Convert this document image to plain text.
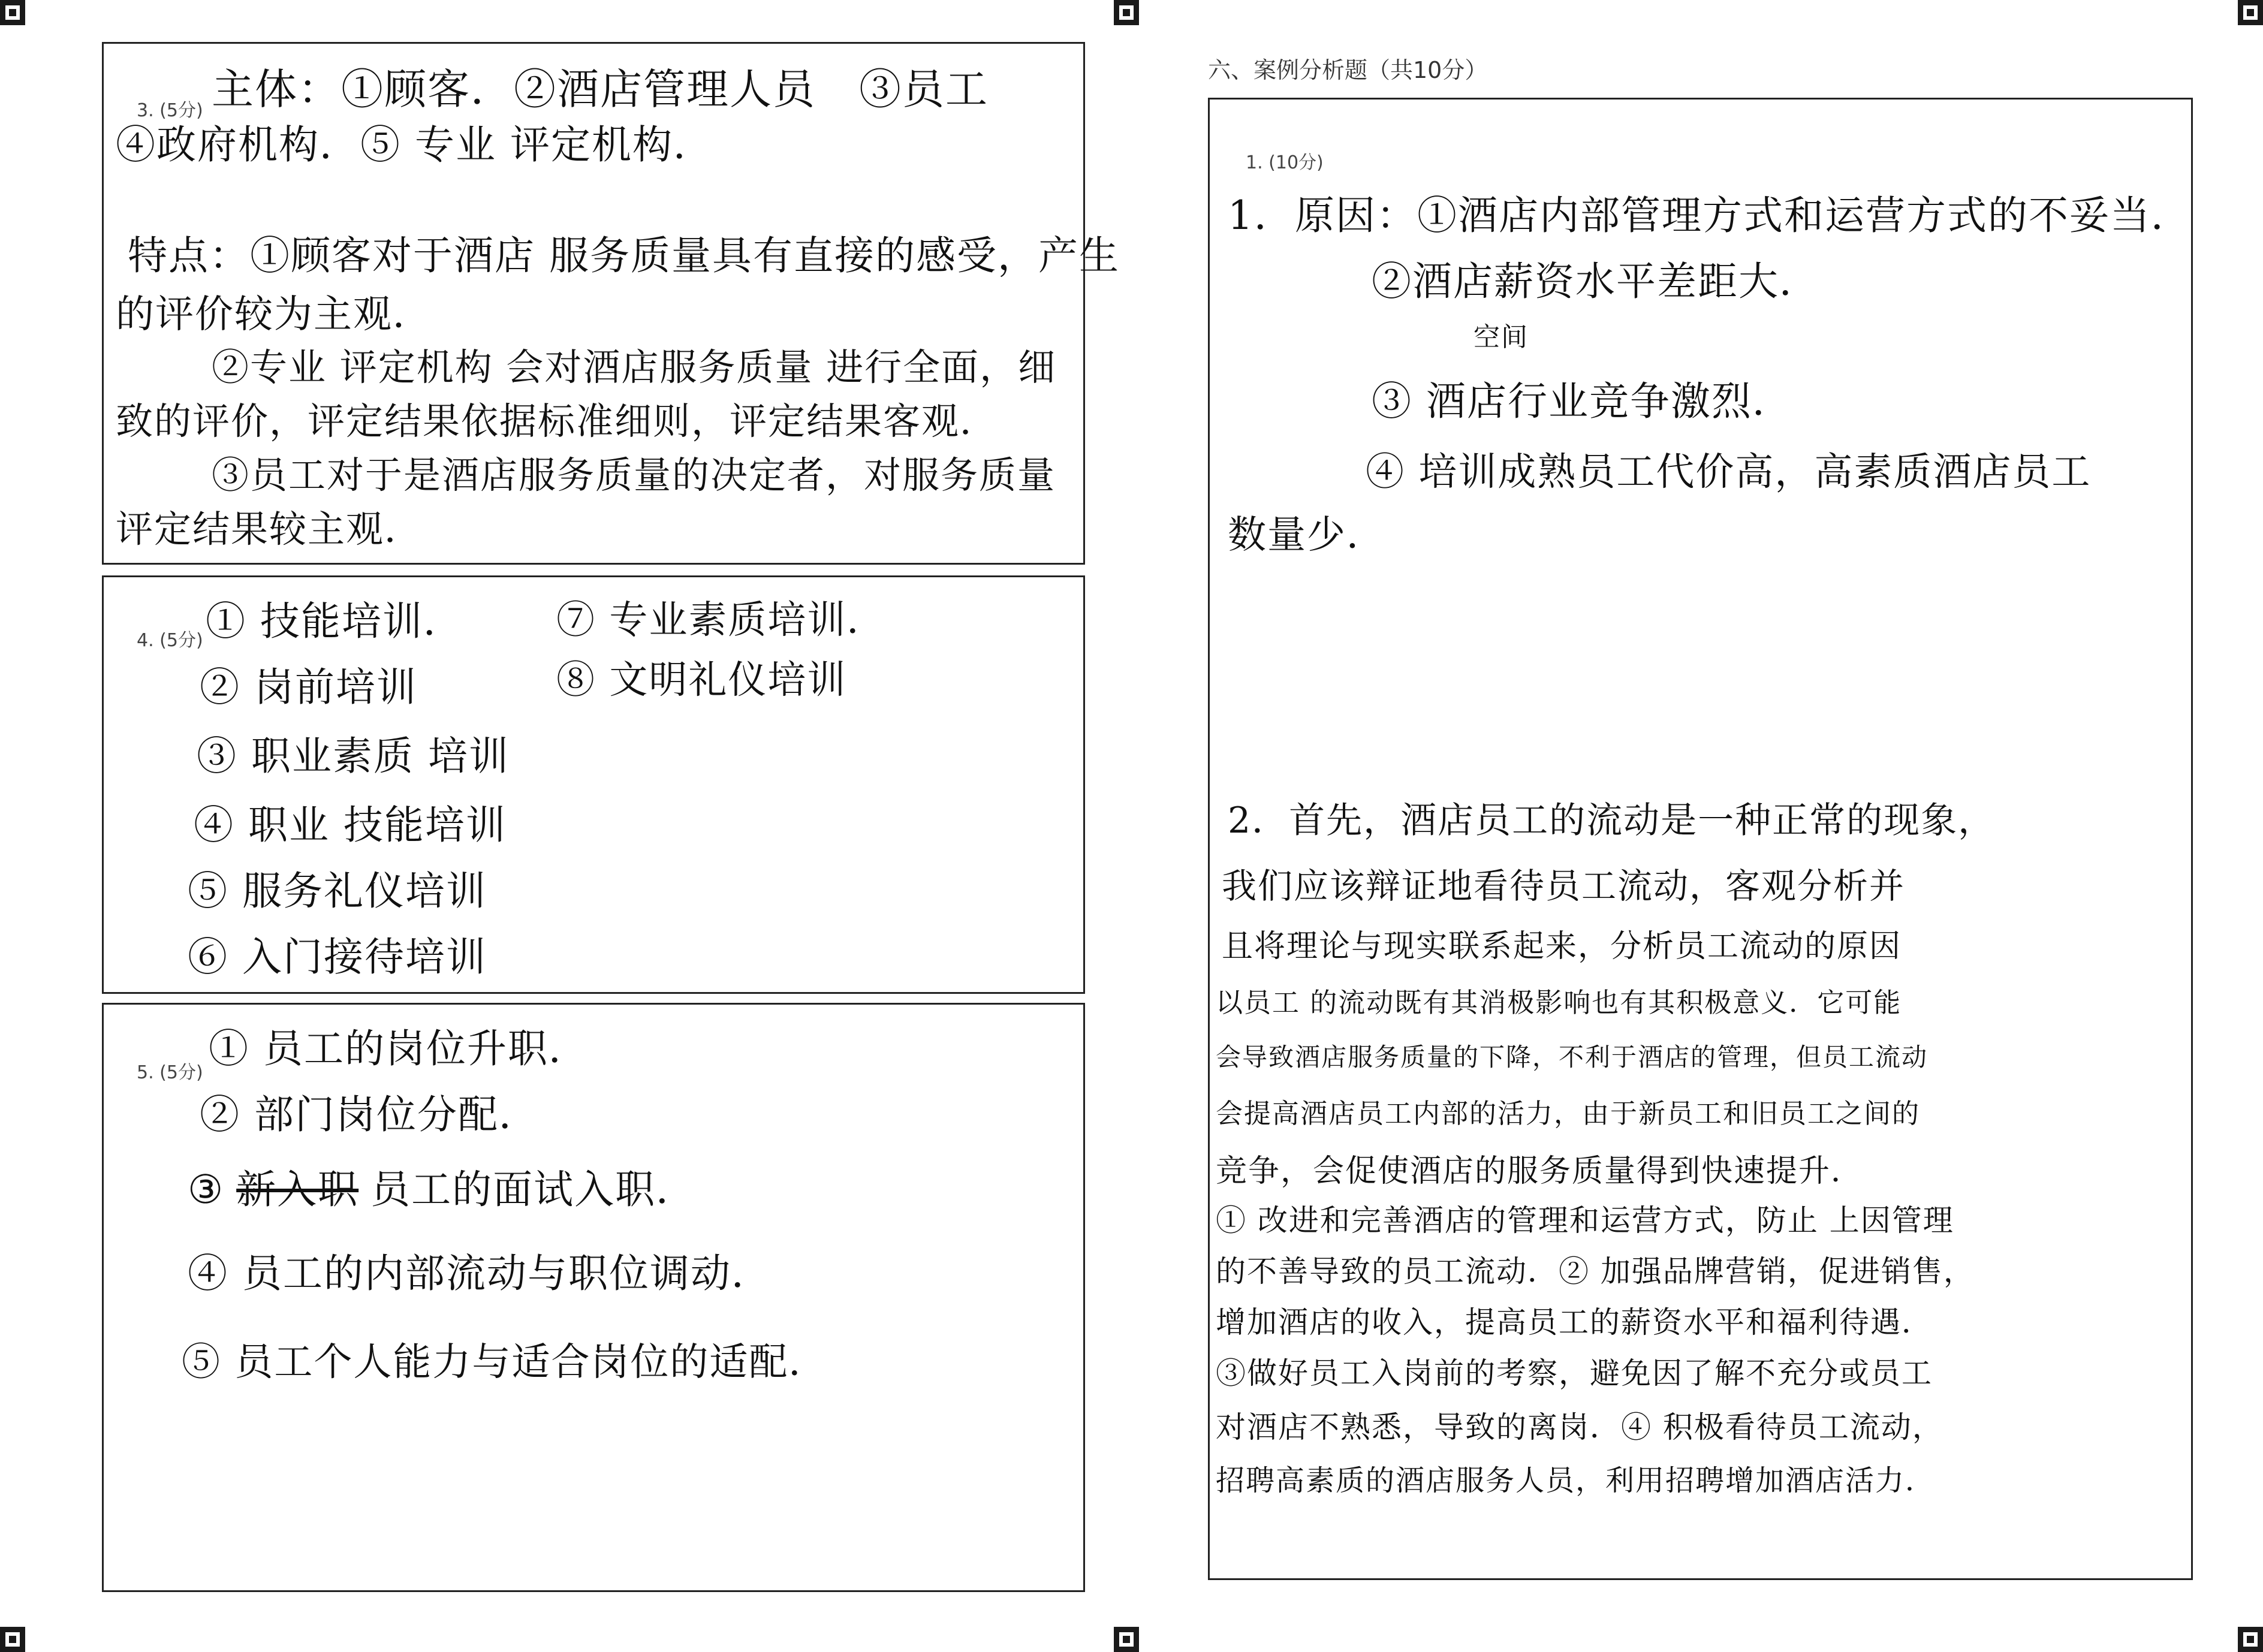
3. (5分) 主体：①顾客．②酒店管理人员　③员工
④政府机构．⑤ 专业 评定机构．
特点：①顾客对于酒店 服务质量具有直接的感受，产生
的评价较为主观．
②专业 评定机构 会对酒店服务质量 进行全面，细
致的评价，评定结果依据标准细则，评定结果客观．
③员工对于是酒店服务质量的决定者，对服务质量
评定结果较主观．
4. (5分) ① 技能培训．
② 岗前培训
③ 职业素质 培训
④ 职业 技能培训
⑤ 服务礼仪培训
⑥ 入门接待培训
⑦ 专业素质培训．
⑧ 文明礼仪培训
5. (5分)
① 员工的岗位升职．
② 部门岗位分配．
③ 新入职 员工的面试入职．
④ 员工的内部流动与职位调动．
⑤ 员工个人能力与适合岗位的适配．
六、案例分析题（共10分）
1. (10分)
1．原因：①酒店内部管理方式和运营方式的不妥当．
②酒店薪资水平差距大．
空间
③ 酒店行业竞争激烈．
④ 培训成熟员工代价高，高素质酒店员工
数量少．
2．首先，酒店员工的流动是一种正常的现象，
我们应该辩证地看待员工流动，客观分析并
且将理论与现实联系起来，分析员工流动的原因
以员工 的流动既有其消极影响也有其积极意义．它可能
会导致酒店服务质量的下降，不利于酒店的管理，但员工流动
会提高酒店员工内部的活力，由于新员工和旧员工之间的
竞争，会促使酒店的服务质量得到快速提升．
① 改进和完善酒店的管理和运营方式，防止 上因管理
的不善导致的员工流动．② 加强品牌营销，促进销售，
增加酒店的收入，提高员工的薪资水平和福利待遇．
③做好员工入岗前的考察，避免因了解不充分或员工
对酒店不熟悉，导致的离岗．④ 积极看待员工流动，
招聘高素质的酒店服务人员，利用招聘增加酒店活力．
